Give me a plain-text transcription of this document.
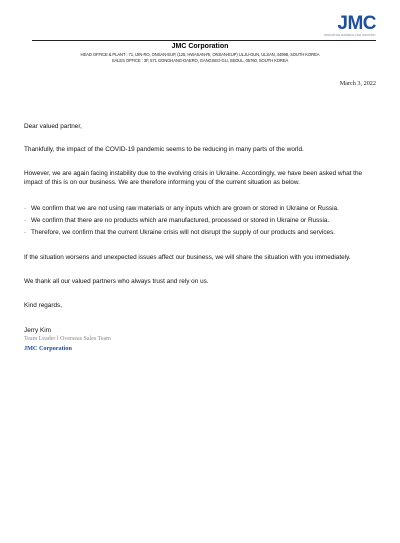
JMC
INNOVATIVE MATERIAL FOR INDUSTRY
JMC Corporation
HEAD OFFICE & PLANT : 71, IJIN-RO, ONSAN-EUP, (125, HWASAN-RI, ONSAN-EUP) ULJU-GUN, ULSAN, 44998, SOUTH KOREA
SALES OFFICE : 3F, 571 GONGHANG-DAERO, GANGSEO-GU, SEOUL, 05760, SOUTH KOREA
March 3, 2022
Dear valued partner,
Thankfully, the impact of the COVID-19 pandemic seems to be reducing in many parts of the world.
However, we are again facing instability due to the evolving crisis in Ukraine. Accordingly, we have been asked what the impact of this is on our business. We are therefore informing you of the current situation as below.
· We confirm that we are not using raw materials or any inputs which are grown or stored in Ukraine or Russia.
· We confirm that there are no products which are manufactured, processed or stored in Ukraine or Russia.
· Therefore, we confirm that the current Ukraine crisis will not disrupt the supply of our products and services.
If the situation worsens and unexpected issues affect our business, we will share the situation with you immediately.
We thank all our valued partners who always trust and rely on us.
Kind regards,
Jerry Kim
Team Leader l Overseas Sales Team
JMC Corporation
